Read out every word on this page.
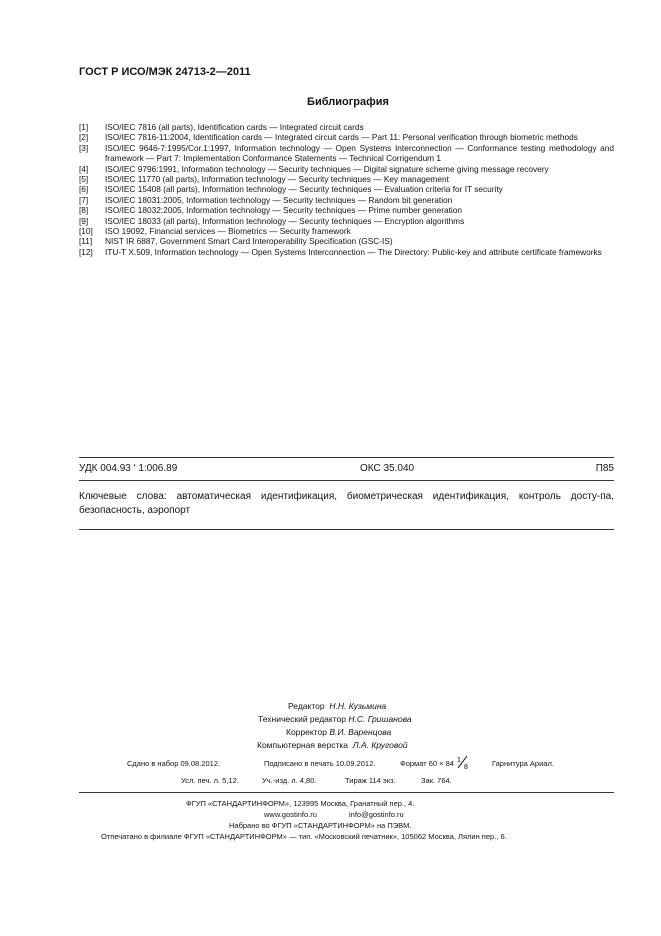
ГОСТ Р ИСО/МЭК 24713-2—2011
Библиография
[1]	ISO/IEC 7816 (all parts), Identification cards — Integrated circuit cards
[2]	ISO/IEC 7816-11:2004, Identification cards — Integrated circuit cards — Part 11: Personal verification through biometric methods
[3]	ISO/IEC 9646-7:1995/Cor.1:1997, Information technology — Open Systems Interconnection — Conformance testing methodology and framework — Part 7: Implementation Conformance Statements — Technical Corrigendum 1
[4]	ISO/IEC 9796:1991, Information technology — Security techniques — Digital signature scheme giving message recovery
[5]	ISO/IEC 11770 (all parts), Information technology — Security techniques — Key management
[6]	ISO/IEC 15408 (all parts), Information technology — Security techniques — Evaluation criteria for IT security
[7]	ISO/IEC 18031:2005, Information technology — Security techniques — Random bit generation
[8]	ISO/IEC 18032:2005, Information technology — Security techniques — Prime number generation
[9]	ISO/IEC 18033 (all parts), Information technology — Security techniques — Encryption algorithms
[10]	ISO 19092, Financial services — Biometrics — Security framework
[11]	NIST IR 6887, Government Smart Card Interoperability Specification (GSC-IS)
[12]	ITU-T X.509, Information technology — Open Systems Interconnection — The Directory: Public-key and attribute certificate frameworks
УДК 004.93 ' 1:006.89	ОКС 35.040	П85
Ключевые слова: автоматическая идентификация, биометрическая идентификация, контроль досту-па, безопасность, аэропорт
Редактор Н.Н. Кузьмина
Технический редактор Н.С. Гришанова
Корректор В.И. Варенцова
Компьютерная верстка Л.А. Круговой
Сдано в набор 09.08.2012.	Подписано в печать 10.09.2012.	Формат 60 × 84 1
8	Гарнитура Ариал.
Усл. печ. л. 5,12.	Уч.-изд. л. 4,80.	Тираж 114 экз.	Зак. 764.
ФГУП «СТАНДАРТИНФОРМ», 123995 Москва, Гранатный пер., 4.
www.gostinfo.ru	info@gostinfo.ru
Набрано во ФГУП «СТАНДАРТИНФОРМ» на ПЭВМ.
Отпечатано в филиале ФГУП «СТАНДАРТИНФОРМ» — тип. «Московский печатник», 105062 Москва, Лялин пер., 6.
